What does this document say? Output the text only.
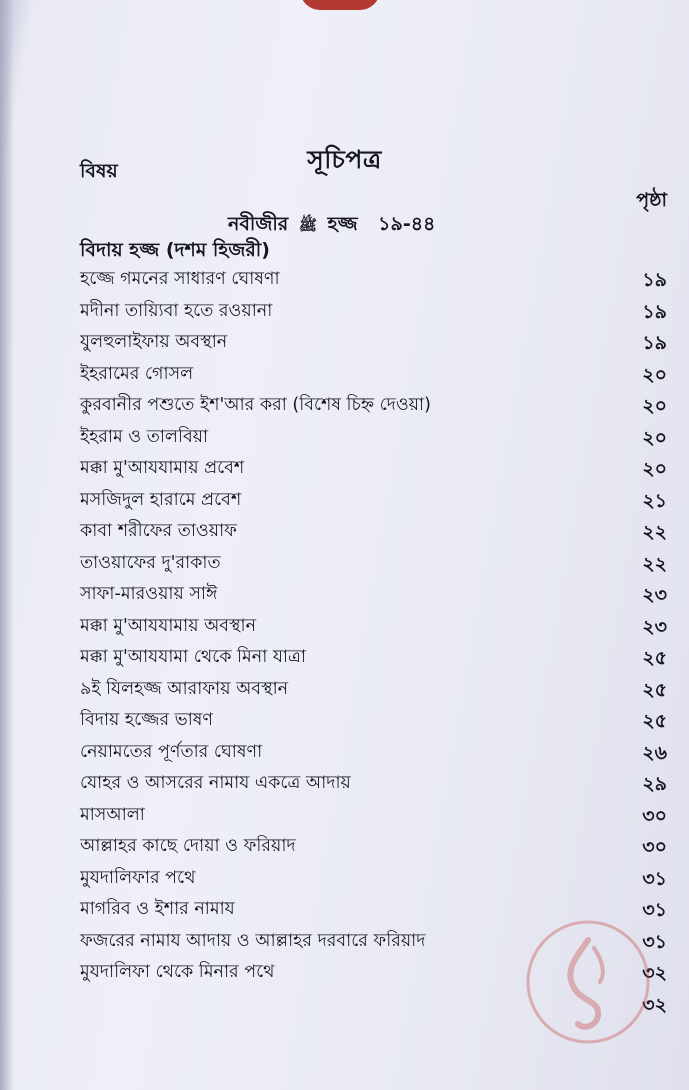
সূচিপত্র
বিষয়
পৃষ্ঠা
নবীজীর ﷺ হজ্জ ১৯-৪৪
বিদায় হজ্জ (দশম হিজরী)
হজ্জে গমনের সাধারণ ঘোষণা	১৯
মদীনা তায়্যিবা হতে রওয়ানা	১৯
যুলহুলাইফায় অবস্থান	১৯
ইহরামের গোসল	২০
কুরবানীর পশুতে ইশ'আর করা (বিশেষ চিহ্ন দেওয়া)	২০
ইহরাম ও তালবিয়া	২০
মক্কা মু'আযযামায় প্রবেশ	২০
মসজিদুল হারামে প্রবেশ	২১
কাবা শরীফের তাওয়াফ	২২
তাওয়াফের দু'রাকাত	২২
সাফা-মারওয়ায় সাঈ	২৩
মক্কা মু'আযযামায় অবস্থান	২৩
মক্কা মু'আযযামা থেকে মিনা যাত্রা	২৫
৯ই যিলহজ্জ আরাফায় অবস্থান	২৫
বিদায় হজ্জের ভাষণ	২৫
নেয়ামতের পূর্ণতার ঘোষণা	২৬
যোহর ও আসরের নামায একত্রে আদায়	২৯
মাসআলা	৩০
আল্লাহর কাছে দোয়া ও ফরিয়াদ	৩০
মুযদালিফার পথে	৩১
মাগরিব ও ইশার নামায	৩১
ফজরের নামায আদায় ও আল্লাহর দরবারে ফরিয়াদ	৩১
মুযদালিফা থেকে মিনার পথে	৩২
৩২
